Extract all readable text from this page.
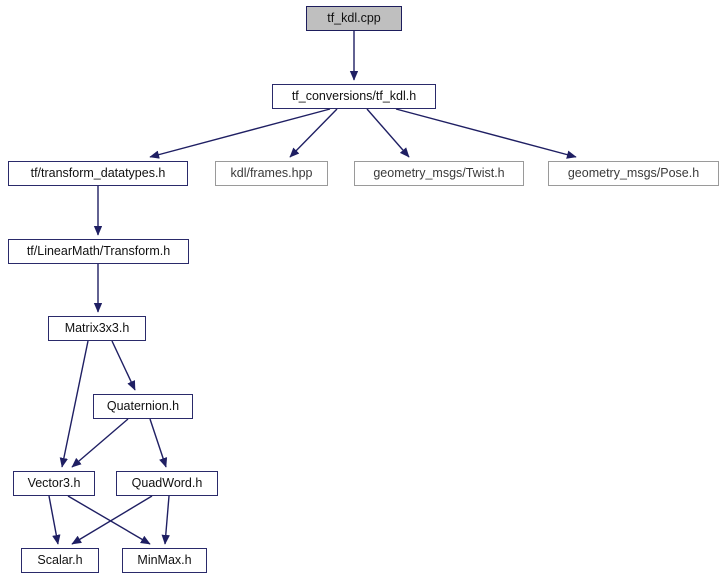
tf_kdl.cpp
tf_conversions/tf_kdl.h
tf/transform_datatypes.h	kdl/frames.hpp	geometry_msgs/Twist.h	geometry_msgs/Pose.h
tf/LinearMath/Transform.h
Matrix3x3.h
Quaternion.h
Vector3.h	QuadWord.h
Scalar.h	MinMax.h
